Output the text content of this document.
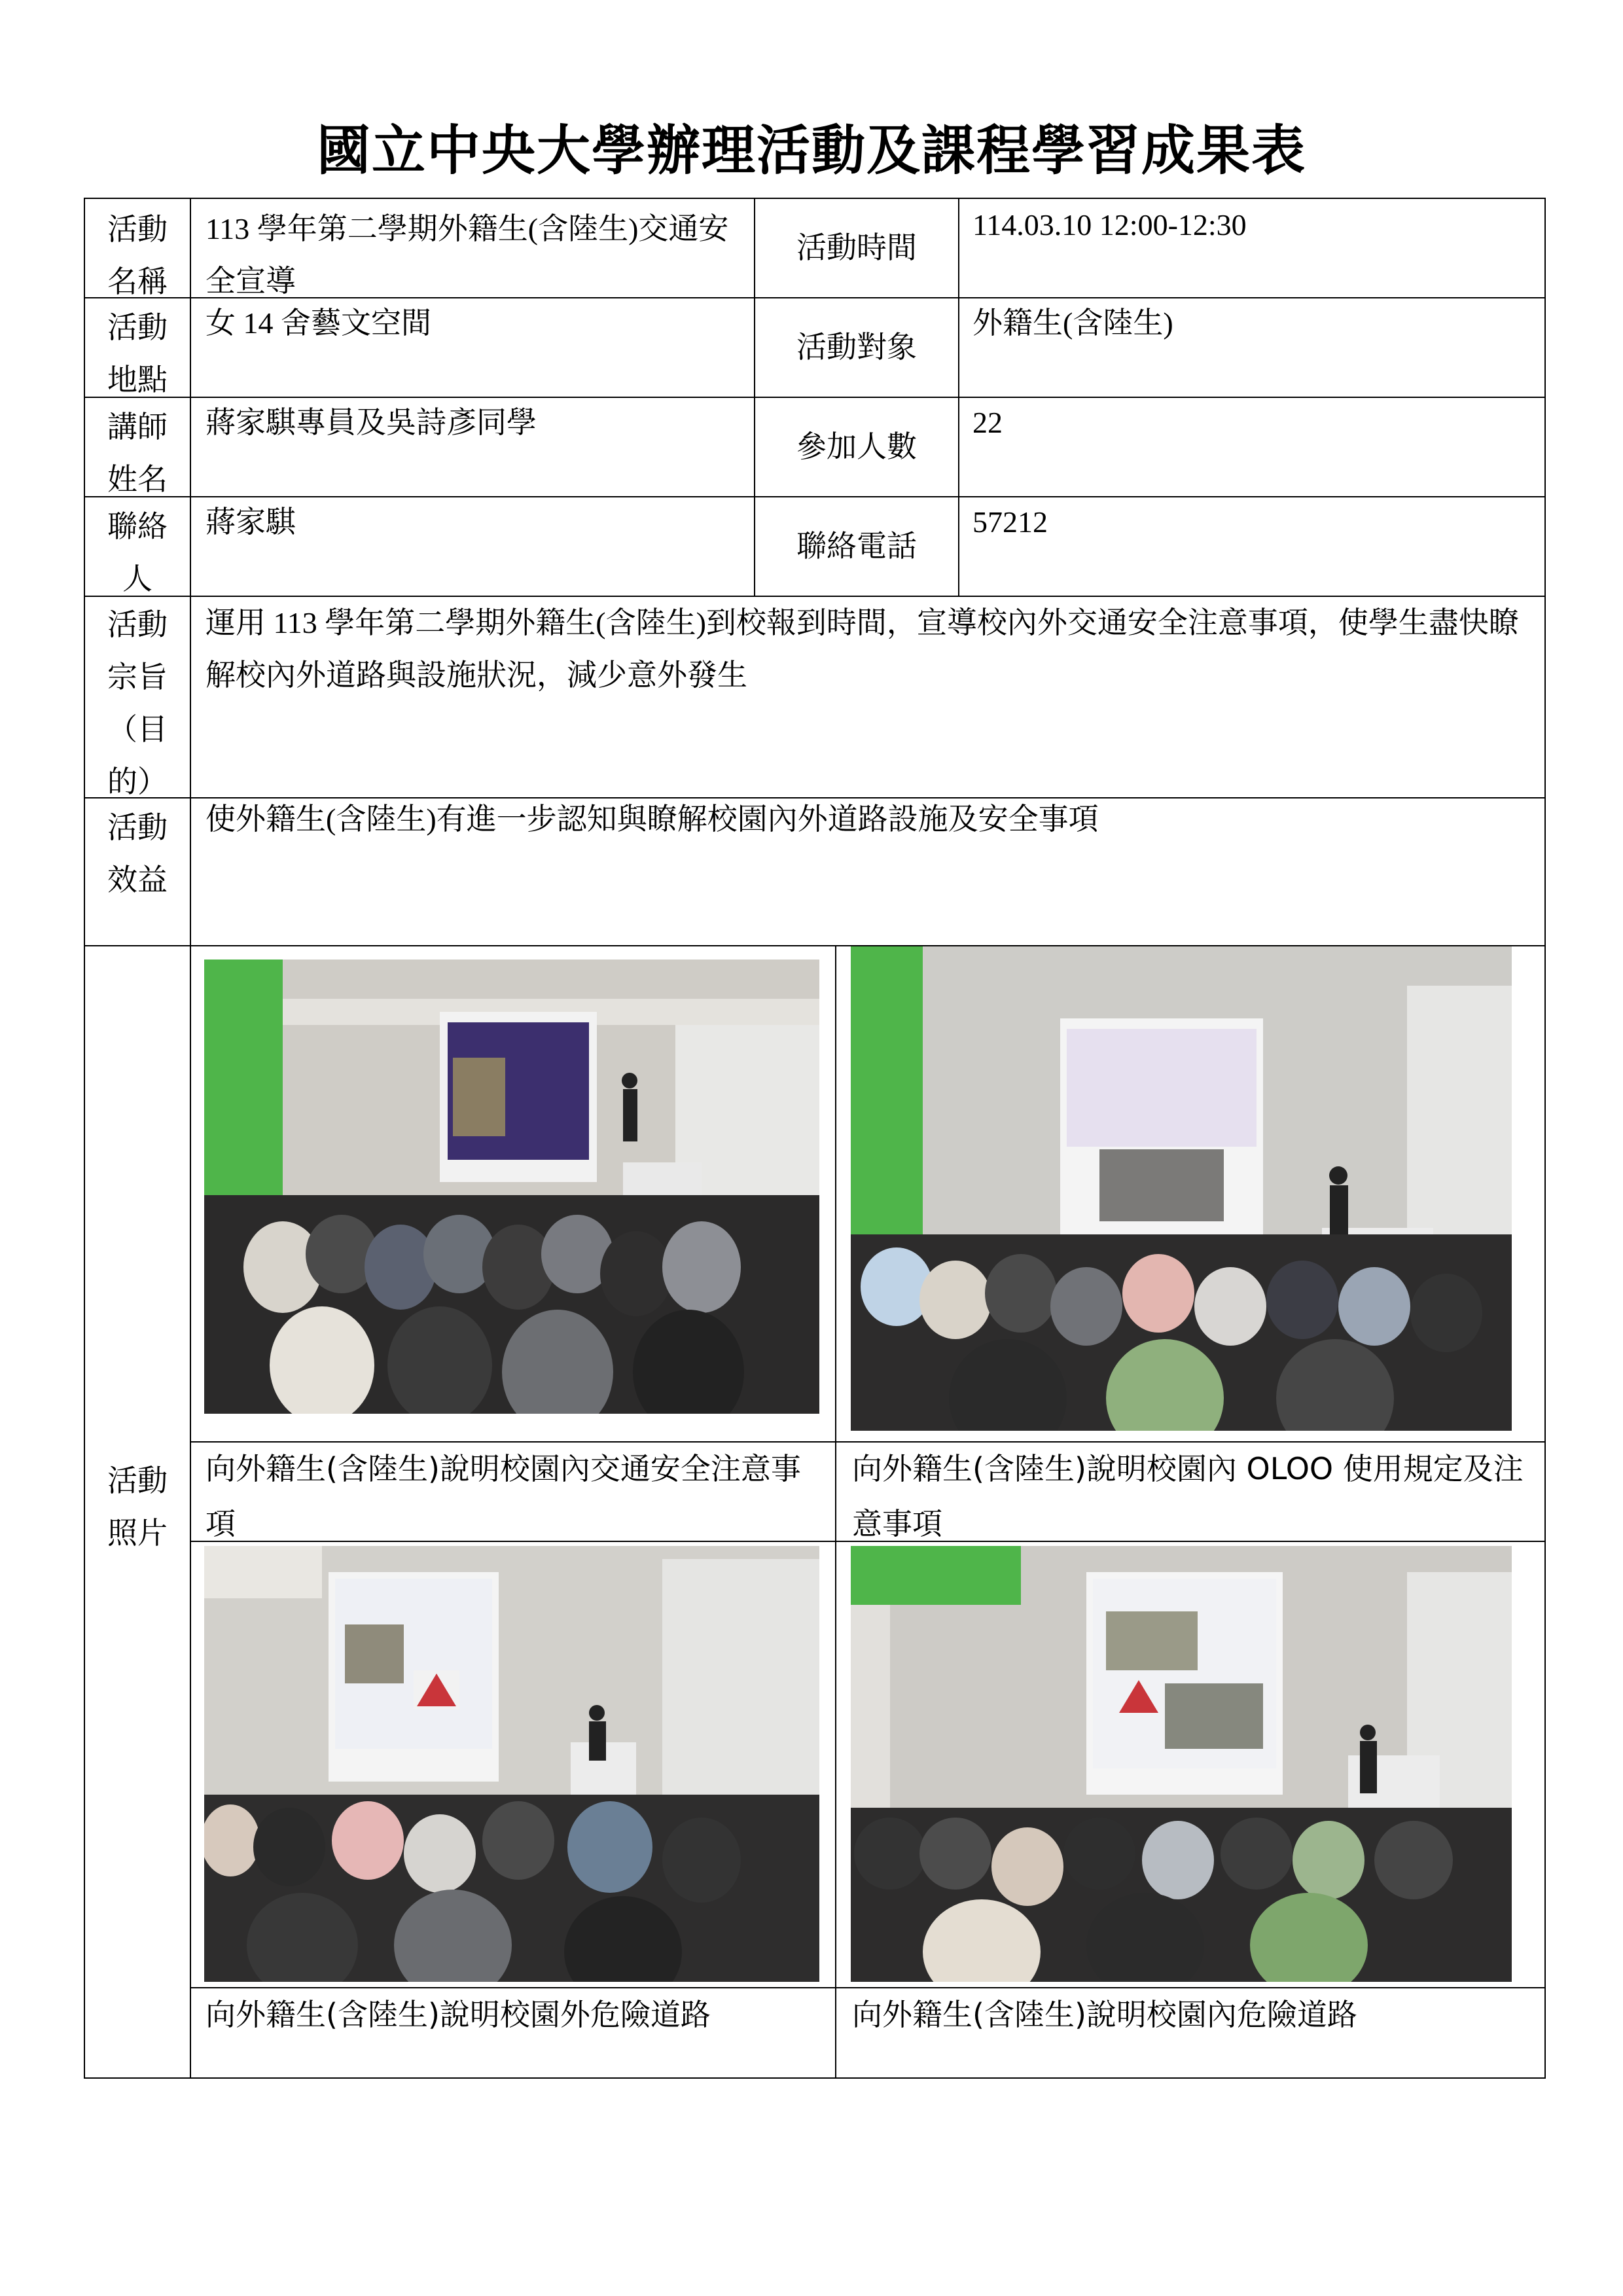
國立中央大學辦理活動及課程學習成果表
活動
名稱
113 學年第二學期外籍生(含陸生)交通安全宣導
活動時間
114.03.10 12:00-12:30
活動
地點
女 14 舍藝文空間
活動對象
外籍生(含陸生)
講師
姓名
蔣家騏專員及吳詩彥同學
參加人數
22
聯絡
人
蔣家騏
聯絡電話
57212
活動
宗旨
（目
的）
運用 113 學年第二學期外籍生(含陸生)到校報到時間，宣導校內外交通安全注意事項，使學生盡快瞭解校內外道路與設施狀況，減少意外發生
活動
效益
使外籍生(含陸生)有進一步認知與瞭解校園內外道路設施及安全事項
活動
照片
向外籍生(含陸生)說明校園內交通安全注意事項
向外籍生(含陸生)說明校園內 OLOO 使用規定及注意事項
向外籍生(含陸生)說明校園外危險道路	向外籍生(含陸生)說明校園內危險道路
